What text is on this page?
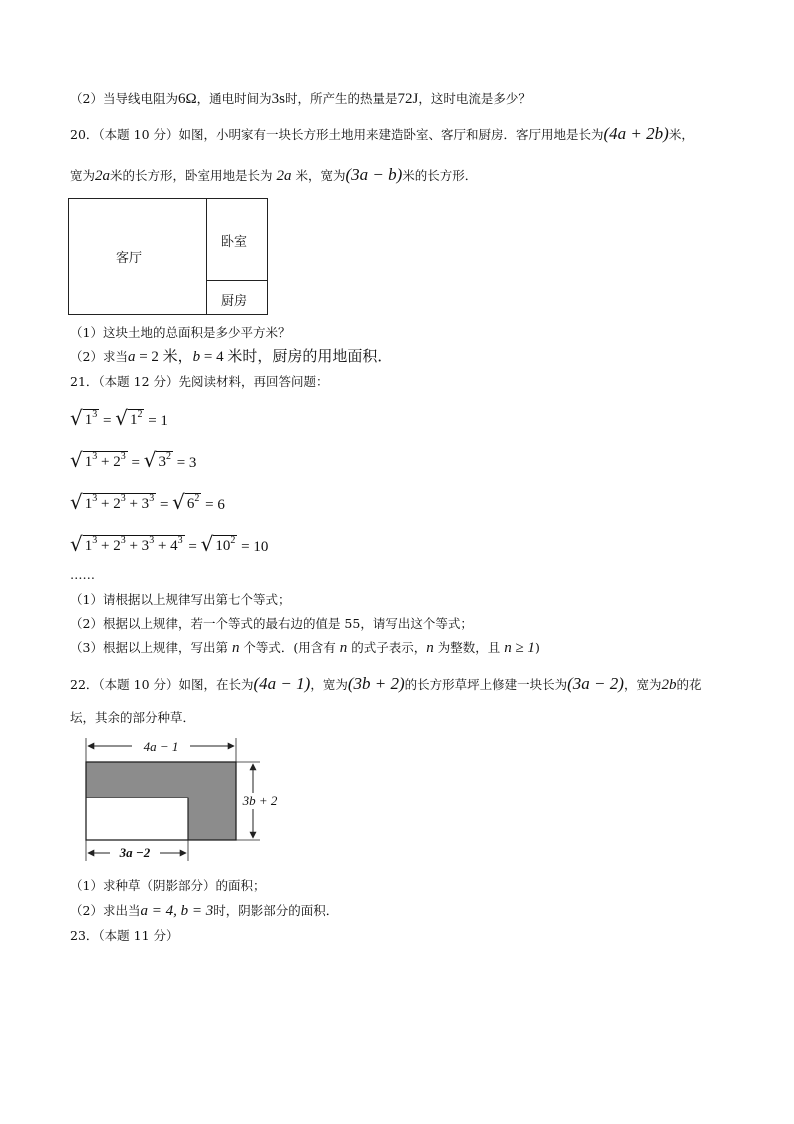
（2）当导线电阻为6Ω，通电时间为3s时，所产生的热量是72J，这时电流是多少？
20．（本题 10 分）如图，小明家有一块长方形土地用来建造卧室、客厅和厨房．客厅用地是长为(4a + 2b)米，
宽为2a米的长方形，卧室用地是长为 2a 米，宽为(3a − b)米的长方形．
客厅
卧室
厨房
（1）这块土地的总面积是多少平方米？
（2）求当a = 2 米，b = 4 米时，厨房的用地面积．
21．（本题 12 分）先阅读材料，再回答问题：
√ $1^3$ = √ $1^2 = 1$
√ $1^3 + 2^3$ = √ $3^2 = 3$
√ $1^3 + 2^3 + 3^3$ = √ $6^2 = 6$
√ $1^3 + 2^3 + 3^3 + 4^3$ = √ $10^2 = 10$
……
（1）请根据以上规律写出第七个等式；
（2）根据以上规律，若一个等式的最右边的值是 55，请写出这个等式；
（3）根据以上规律，写出第 n 个等式．(用含有 n 的式子表示，n 为整数，且 n ≥ 1)
22．（本题 10 分）如图，在长为(4a − 1)，宽为(3b + 2)的长方形草坪上修建一块长为(3a − 2)，宽为2b的花
坛，其余的部分种草．
4a − 1
3b + 2
3a −2
（1）求种草（阴影部分）的面积；
（2）求出当a = 4, b = 3时，阴影部分的面积．
23．（本题 11 分）
